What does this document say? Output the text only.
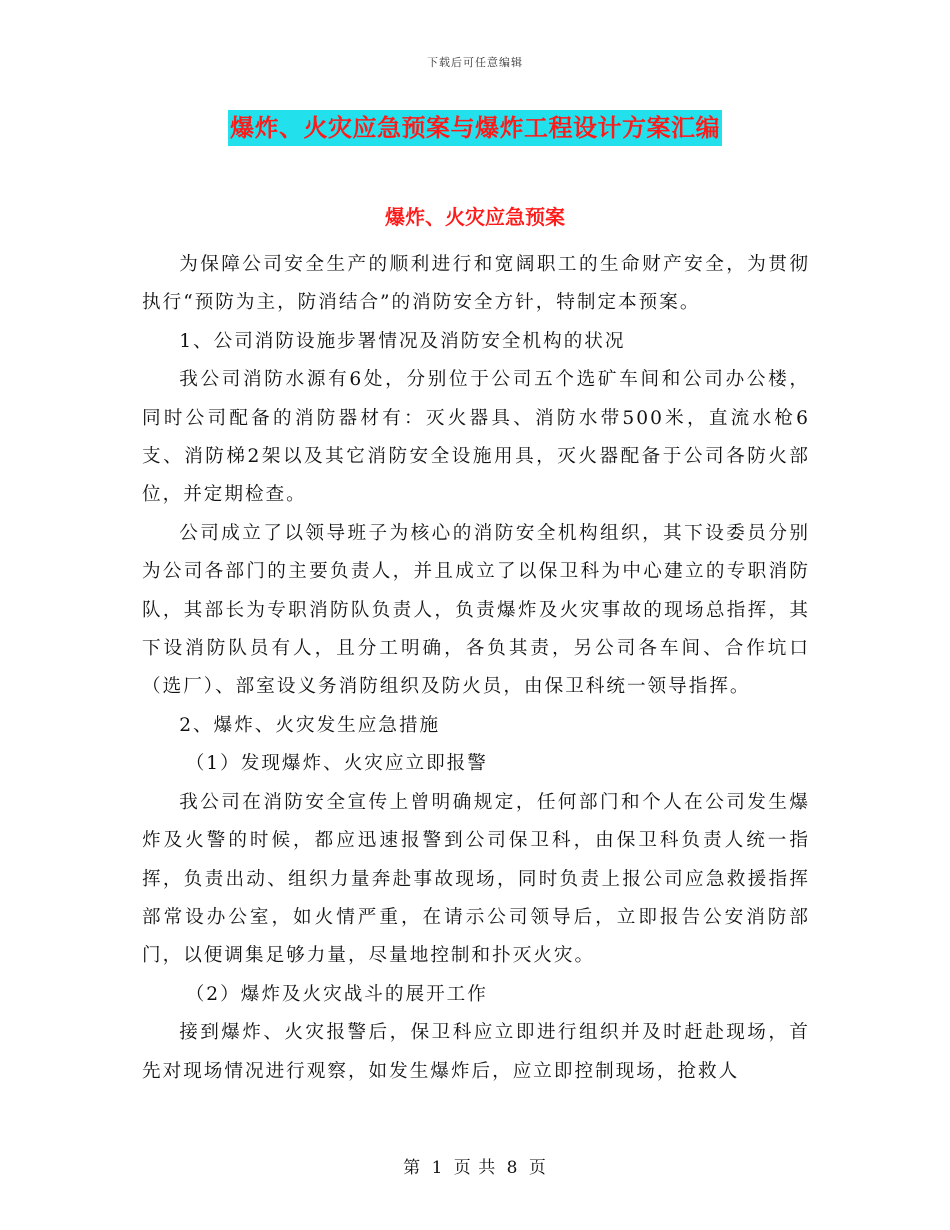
下载后可任意编辑
爆炸、火灾应急预案与爆炸工程设计方案汇编
爆炸、火灾应急预案

为保障公司安全生产的顺利进行和宽阔职工的生命财产安全，为贯彻执行“预防为主，防消结合”的消防安全方针，特制定本预案。

1、公司消防设施步署情况及消防安全机构的状况

我公司消防水源有6处，分别位于公司五个选矿车间和公司办公楼，同时公司配备的消防器材有：灭火器具、消防水带500米，直流水枪6支、消防梯2架以及其它消防安全设施用具，灭火器配备于公司各防火部位，并定期检查。

公司成立了以领导班子为核心的消防安全机构组织，其下设委员分别为公司各部门的主要负责人，并且成立了以保卫科为中心建立的专职消防队，其部长为专职消防队负责人，负责爆炸及火灾事故的现场总指挥，其下设消防队员有人，且分工明确，各负其责，另公司各车间、合作坑口（选厂）、部室设义务消防组织及防火员，由保卫科统一领导指挥。

2、爆炸、火灾发生应急措施

（1）发现爆炸、火灾应立即报警

我公司在消防安全宣传上曾明确规定，任何部门和个人在公司发生爆炸及火警的时候，都应迅速报警到公司保卫科，由保卫科负责人统一指挥，负责出动、组织力量奔赴事故现场，同时负责上报公司应急救援指挥部常设办公室，如火情严重，在请示公司领导后，立即报告公安消防部门，以便调集足够力量，尽量地控制和扑灭火灾。

（2）爆炸及火灾战斗的展开工作

接到爆炸、火灾报警后，保卫科应立即进行组织并及时赶赴现场，首先对现场情况进行观察，如发生爆炸后，应立即控制现场，抢救人

第 1 页 共 8 页
